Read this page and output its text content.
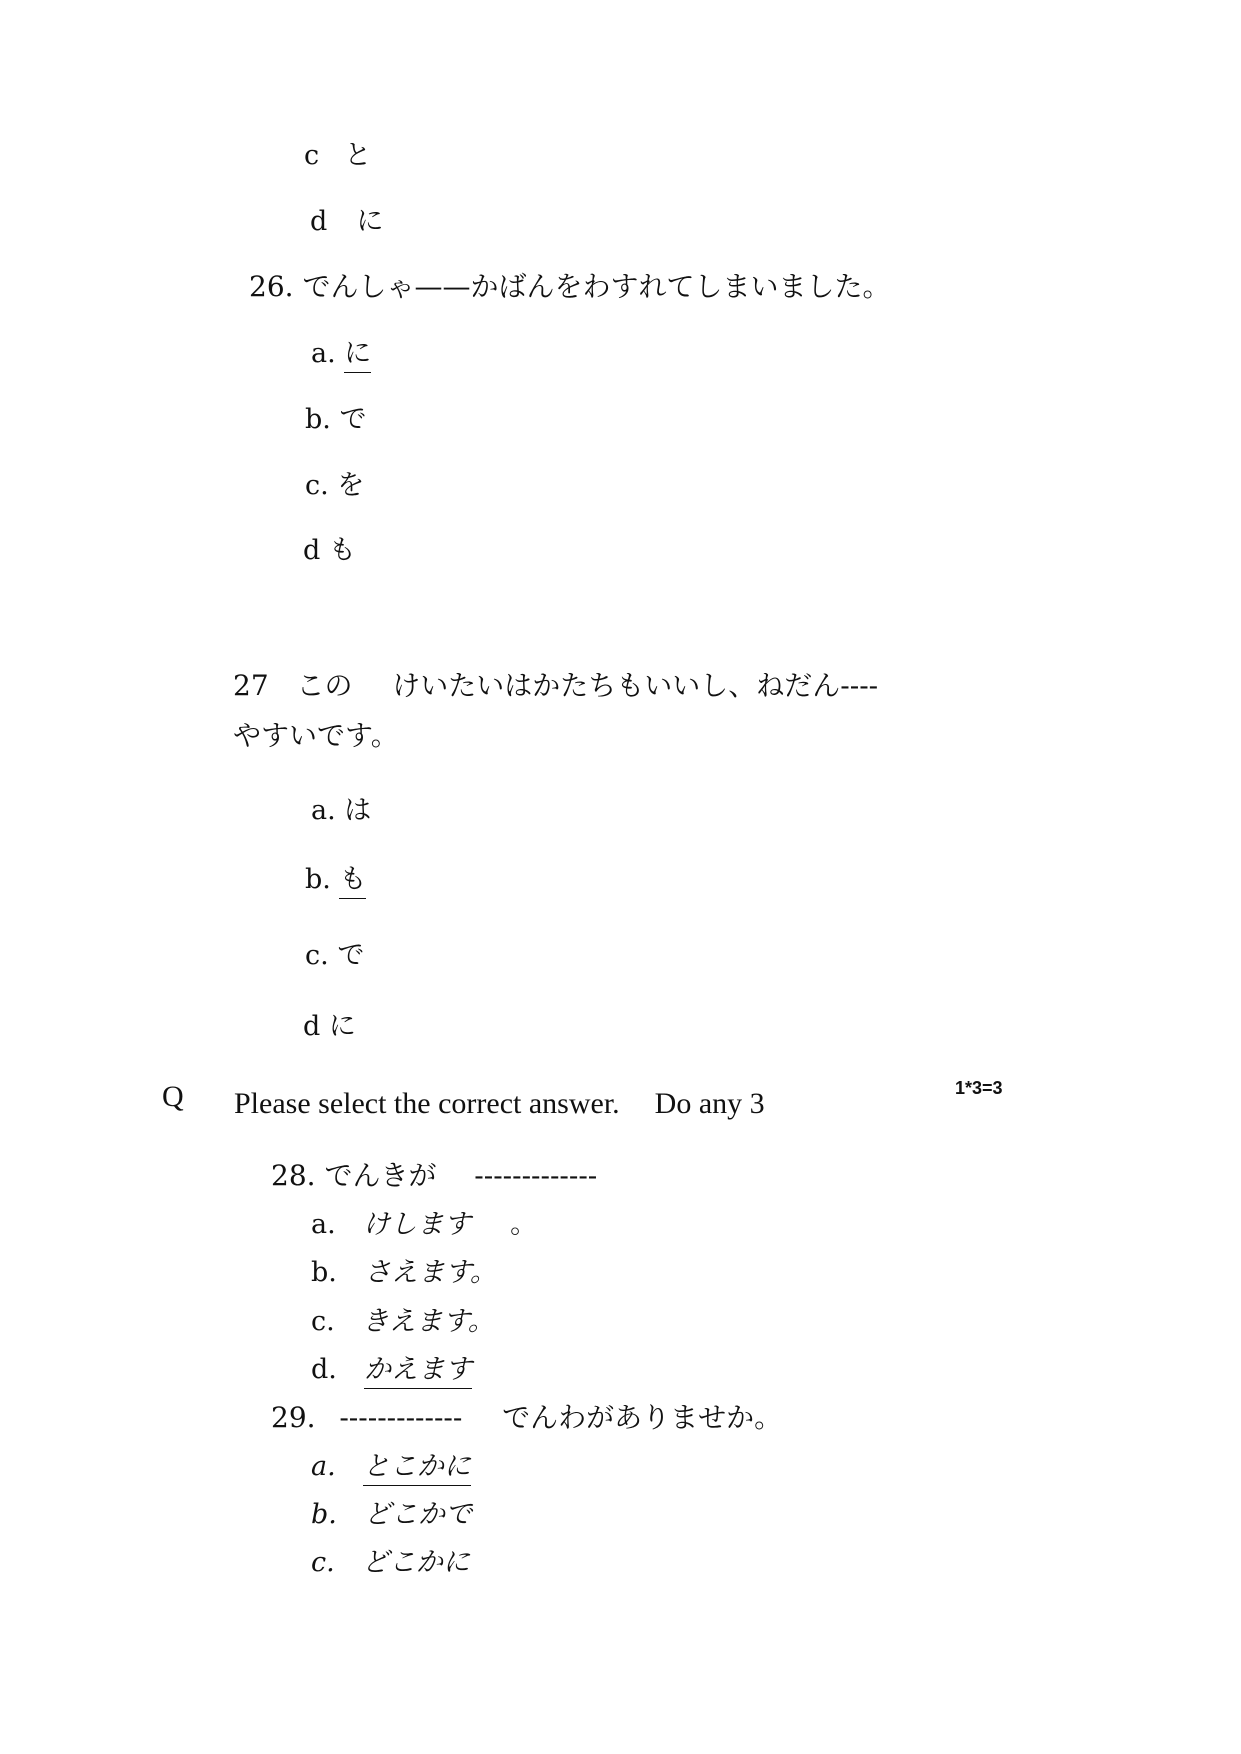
c と
d に
26. でんしゃ——かばんをわすれてしまいました。
a. に
b. で
c. を
d も
27 この けいたいはかたちもいいし、ねだん----
やすいです。
a. は
b. も
c. で
d に
Q Please select the correct answer. Do any 3	1*3=3
28. でんきが -------------
a. けします 。
b. さえます。
c. きえます。
d. かえます
29. ------------- でんわがありませか。
a. とこかに
b. どこかで
c. どこかに
